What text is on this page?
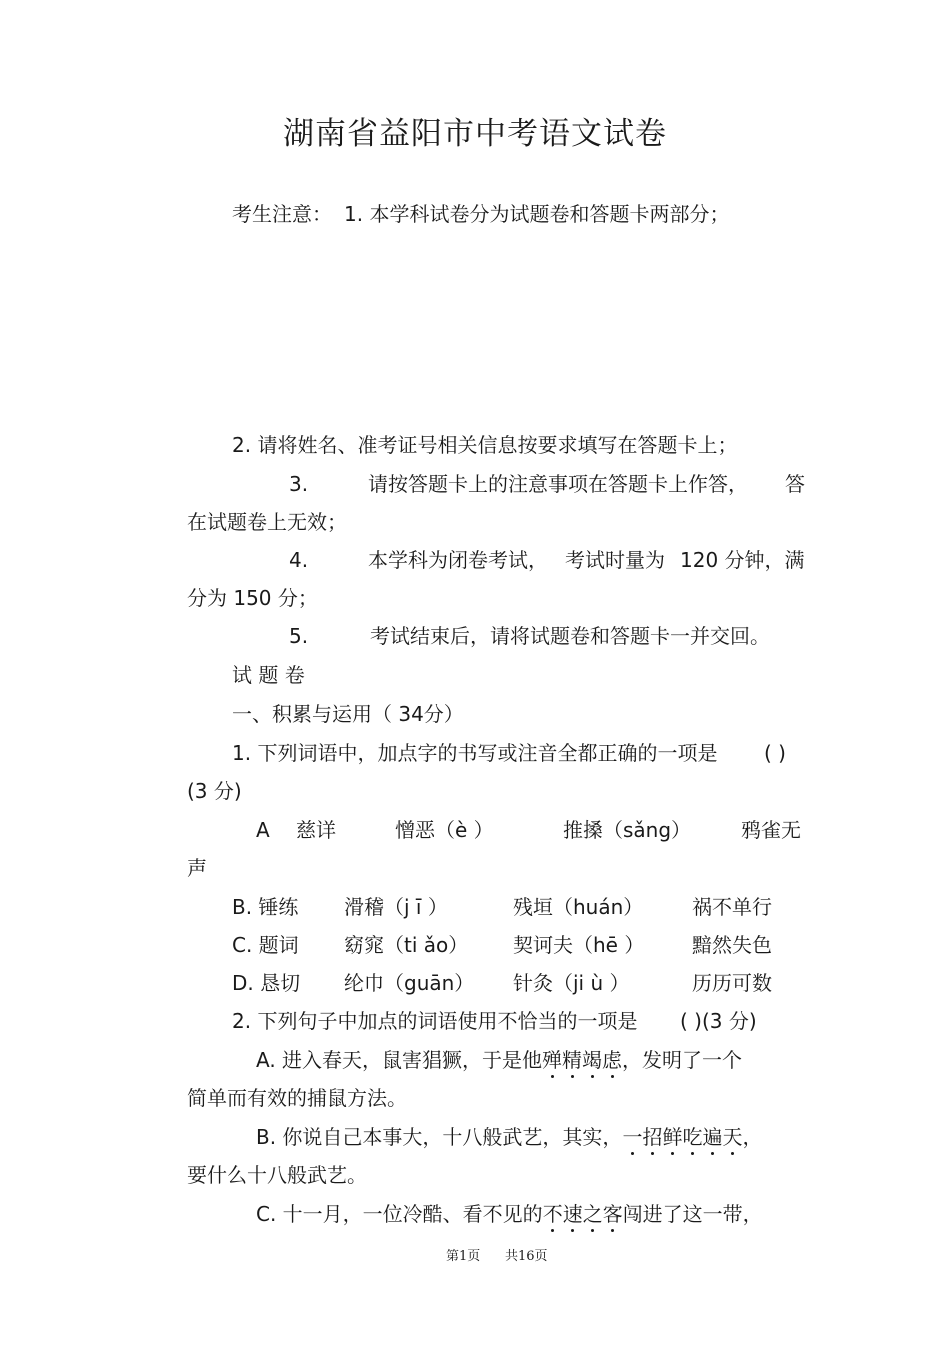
湖南省益阳市中考语文试卷
考生注意： 1. 本学科试卷分为试题卷和答题卡两部分；
2. 请将姓名、准考证号相关信息按要求填写在答题卡上；
3.	请按答题卡上的注意事项在答题卡上作答， 答
在试题卷上无效；
4.	本学科为闭卷考试， 考试时量为 120 分钟，满
分为 150 分；
5.	考试结束后，请将试题卷和答题卡一并交回。
试 题 卷
一、积累与运用（ 34分）
1. 下列词语中，加点字的书写或注音全都正确的一项是 ( )
(3 分)
A 慈详	憎恶（è ）	推搡（sǎng） 鸦雀无
声
B. 锤练 滑稽（j ī ）	残垣（huán） 祸不单行
C. 题词 窈窕（ti ǎo） 契诃夫（hē ） 黯然失色
D. 恳切 纶巾（guān） 针灸（ji ù ）	历历可数
2. 下列句子中加点的词语使用不恰当的一项是 ( )(3 分)
A. 进入春天，鼠害猖獗，于是他殚精竭虑，发明了一个
简单而有效的捕鼠方法。
B. 你说自己本事大，十八般武艺，其实，一招鲜吃遍天，
要什么十八般武艺。
C. 十一月，一位冷酷、看不见的不速之客闯进了这一带，
第1页 共16页
